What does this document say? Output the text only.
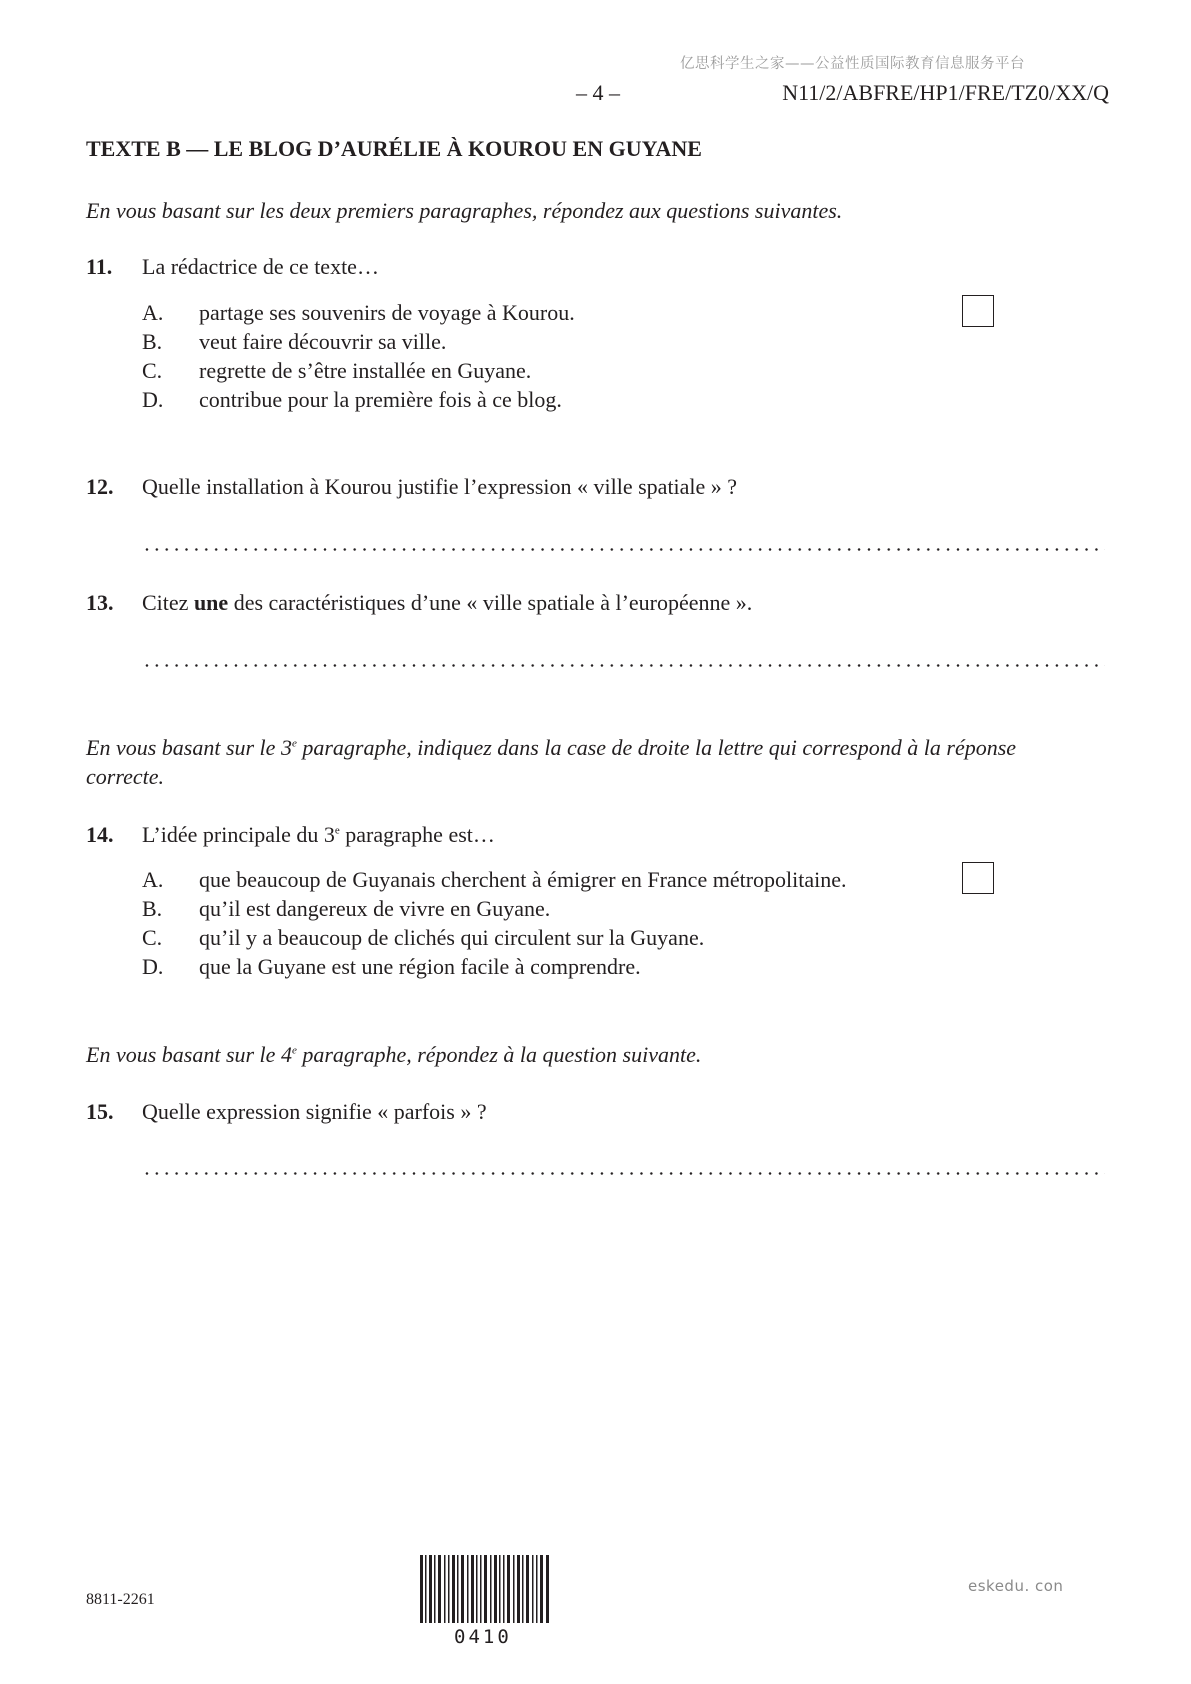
亿思科学生之家——公益性质国际教育信息服务平台
– 4 –	N11/2/ABFRE/HP1/FRE/TZ0/XX/Q
TEXTE B — LE BLOG D’AURÉLIE À KOUROU EN GUYANE
En vous basant sur les deux premiers paragraphes, répondez aux questions suivantes.
11. La rédactrice de ce texte…
A. partage ses souvenirs de voyage à Kourou.
B. veut faire découvrir sa ville.
C. regrette de s’être installée en Guyane.
D. contribue pour la première fois à ce blog.
12. Quelle installation à Kourou justifie l’expression « ville spatiale » ?
13. Citez une des caractéristiques d’une « ville spatiale à l’européenne ».
En vous basant sur le 3e paragraphe, indiquez dans la case de droite la lettre qui correspond à la réponse
correcte.
14. L’idée principale du 3e paragraphe est…
A. que beaucoup de Guyanais cherchent à émigrer en France métropolitaine.
B. qu’il est dangereux de vivre en Guyane.
C. qu’il y a beaucoup de clichés qui circulent sur la Guyane.
D. que la Guyane est une région facile à comprendre.
En vous basant sur le 4e paragraphe, répondez à la question suivante.
15. Quelle expression signifie « parfois » ?
8811-2261
0410
eskedu. con
